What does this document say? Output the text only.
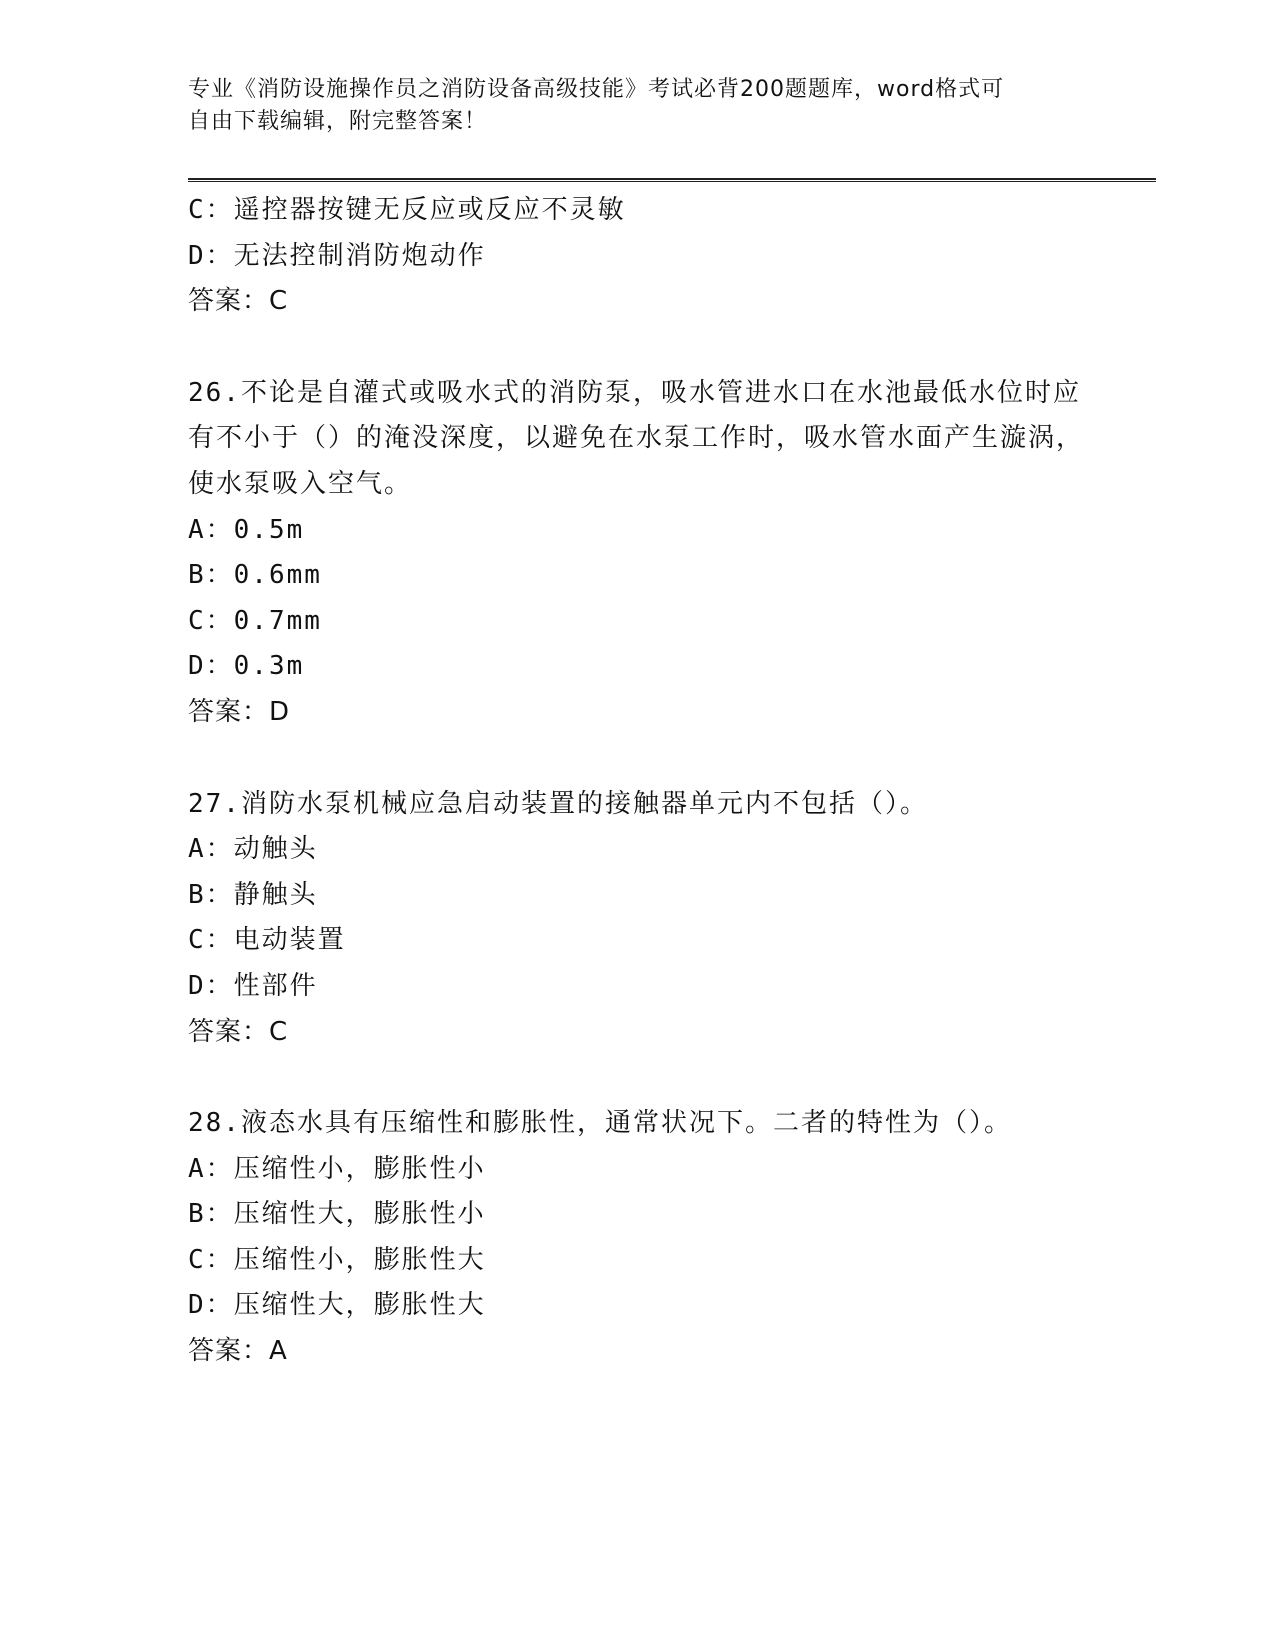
专业《消防设施操作员之消防设备高级技能》考试必背200题题库，word格式可
自由下载编辑，附完整答案！
C：遥控器按键无反应或反应不灵敏
D：无法控制消防炮动作
答案：C
26.不论是自灌式或吸水式的消防泵，吸水管进水口在水池最低水位时应有不小于（）的淹没深度，以避免在水泵工作时，吸水管水面产生漩涡，使水泵吸入空气。
A：0.5m
B：0.6mm
C：0.7mm
D：0.3m
答案：D
27.消防水泵机械应急启动装置的接触器单元内不包括（）。
A：动触头
B：静触头
C：电动装置
D：性部件
答案：C
28.液态水具有压缩性和膨胀性，通常状况下。二者的特性为（）。
A：压缩性小，膨胀性小
B：压缩性大，膨胀性小
C：压缩性小，膨胀性大
D：压缩性大，膨胀性大
答案：A
